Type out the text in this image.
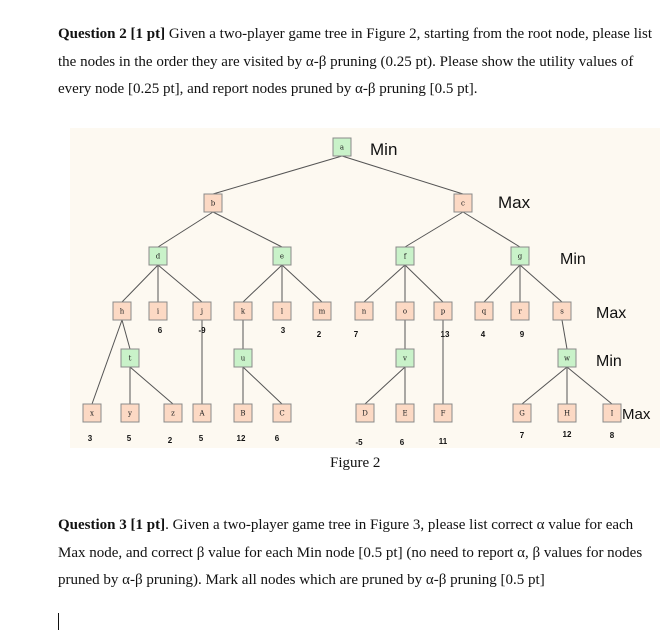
Question 2 [1 pt] Given a two-player game tree in Figure 2, starting from the root node, please list the nodes in the order they are visited by α-β pruning (0.25 pt). Please show the utility values of every node [0.25 pt], and report nodes pruned by α-β pruning [0.5 pt].

a
b	c
d	e	f	g
h	i	j	k	l	m	n	o	p	q	r	s
t	u	v	w
x	y	z	A	B	C	D	E	F	G	H	I
6	-9	3	2	7	13	4	9
3	5	2	5	12	6	-5	6	11
7	12	8
Min
Max
Min
Max
Min
Max
Figure 2

Question 3 [1 pt]. Given a two-player game tree in Figure 3, please list correct α value for each Max node, and correct β value for each Min node [0.5 pt] (no need to report α, β values for nodes pruned by α-β pruning). Mark all nodes which are pruned by α-β pruning [0.5 pt]
